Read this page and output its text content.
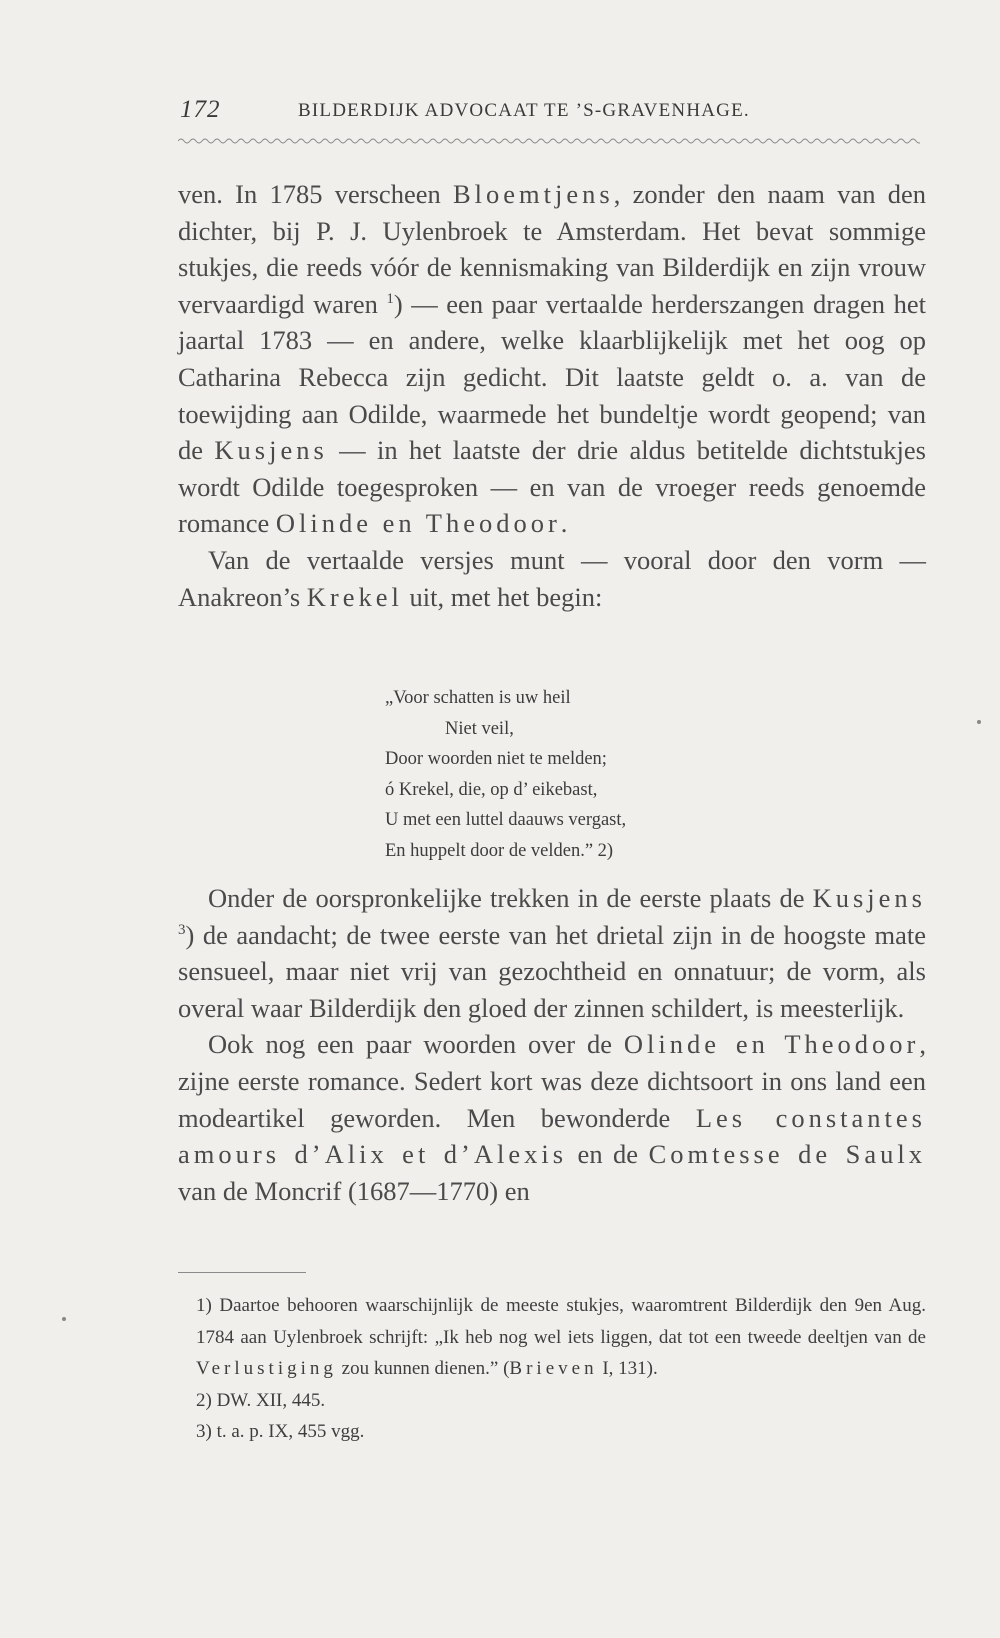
172	BILDERDIJK ADVOCAAT TE ’S-GRAVENHAGE.

ven. In 1785 verscheen Bloemtjens, zonder den naam van den dichter, bij P. J. Uylenbroek te Amsterdam. Het bevat sommige stukjes, die reeds vóór de kennismaking van Bilderdijk en zijn vrouw vervaardigd waren $^1$) — een paar vertaalde herderszangen dragen het jaartal 1783 — en andere, welke klaarblijkelijk met het oog op Catharina Rebecca zijn gedicht. Dit laatste geldt o. a. van de toewijding aan Odilde, waarmede het bundeltje wordt geopend; van de Kusjens — in het laatste der drie aldus betitelde dichtstukjes wordt Odilde toegesproken — en van de vroeger reeds genoemde romance Olinde en Theodoor.

Van de vertaalde versjes munt — vooral door den vorm — Anakreon’s Krekel uit, met het begin:

„Voor schatten is uw heil
Niet veil,
Door woorden niet te melden;
ó Krekel, die, op d’ eikebast,
U met een luttel daauws vergast,
En huppelt door de velden.” 2)

Onder de oorspronkelijke trekken in de eerste plaats de Kusjens $^3$) de aandacht; de twee eerste van het drietal zijn in de hoogste mate sensueel, maar niet vrij van gezochtheid en onnatuur; de vorm, als overal waar Bilderdijk den gloed der zinnen schildert, is meesterlijk.

Ook nog een paar woorden over de Olinde en Theodoor, zijne eerste romance. Sedert kort was deze dichtsoort in ons land een modeartikel geworden. Men bewonderde Les constantes amours d’Alix et d’Alexis en de Comtesse de Saulx van de Moncrif (1687—1770) en

1) Daartoe behooren waarschijnlijk de meeste stukjes, waaromtrent Bilderdijk den 9en Aug. 1784 aan Uylenbroek schrijft: „Ik heb nog wel iets liggen, dat tot een tweede deeltjen van de Verlustiging zou kunnen dienen.” (Brieven I, 131).

2) DW. XII, 445.

3) t. a. p. IX, 455 vgg.
